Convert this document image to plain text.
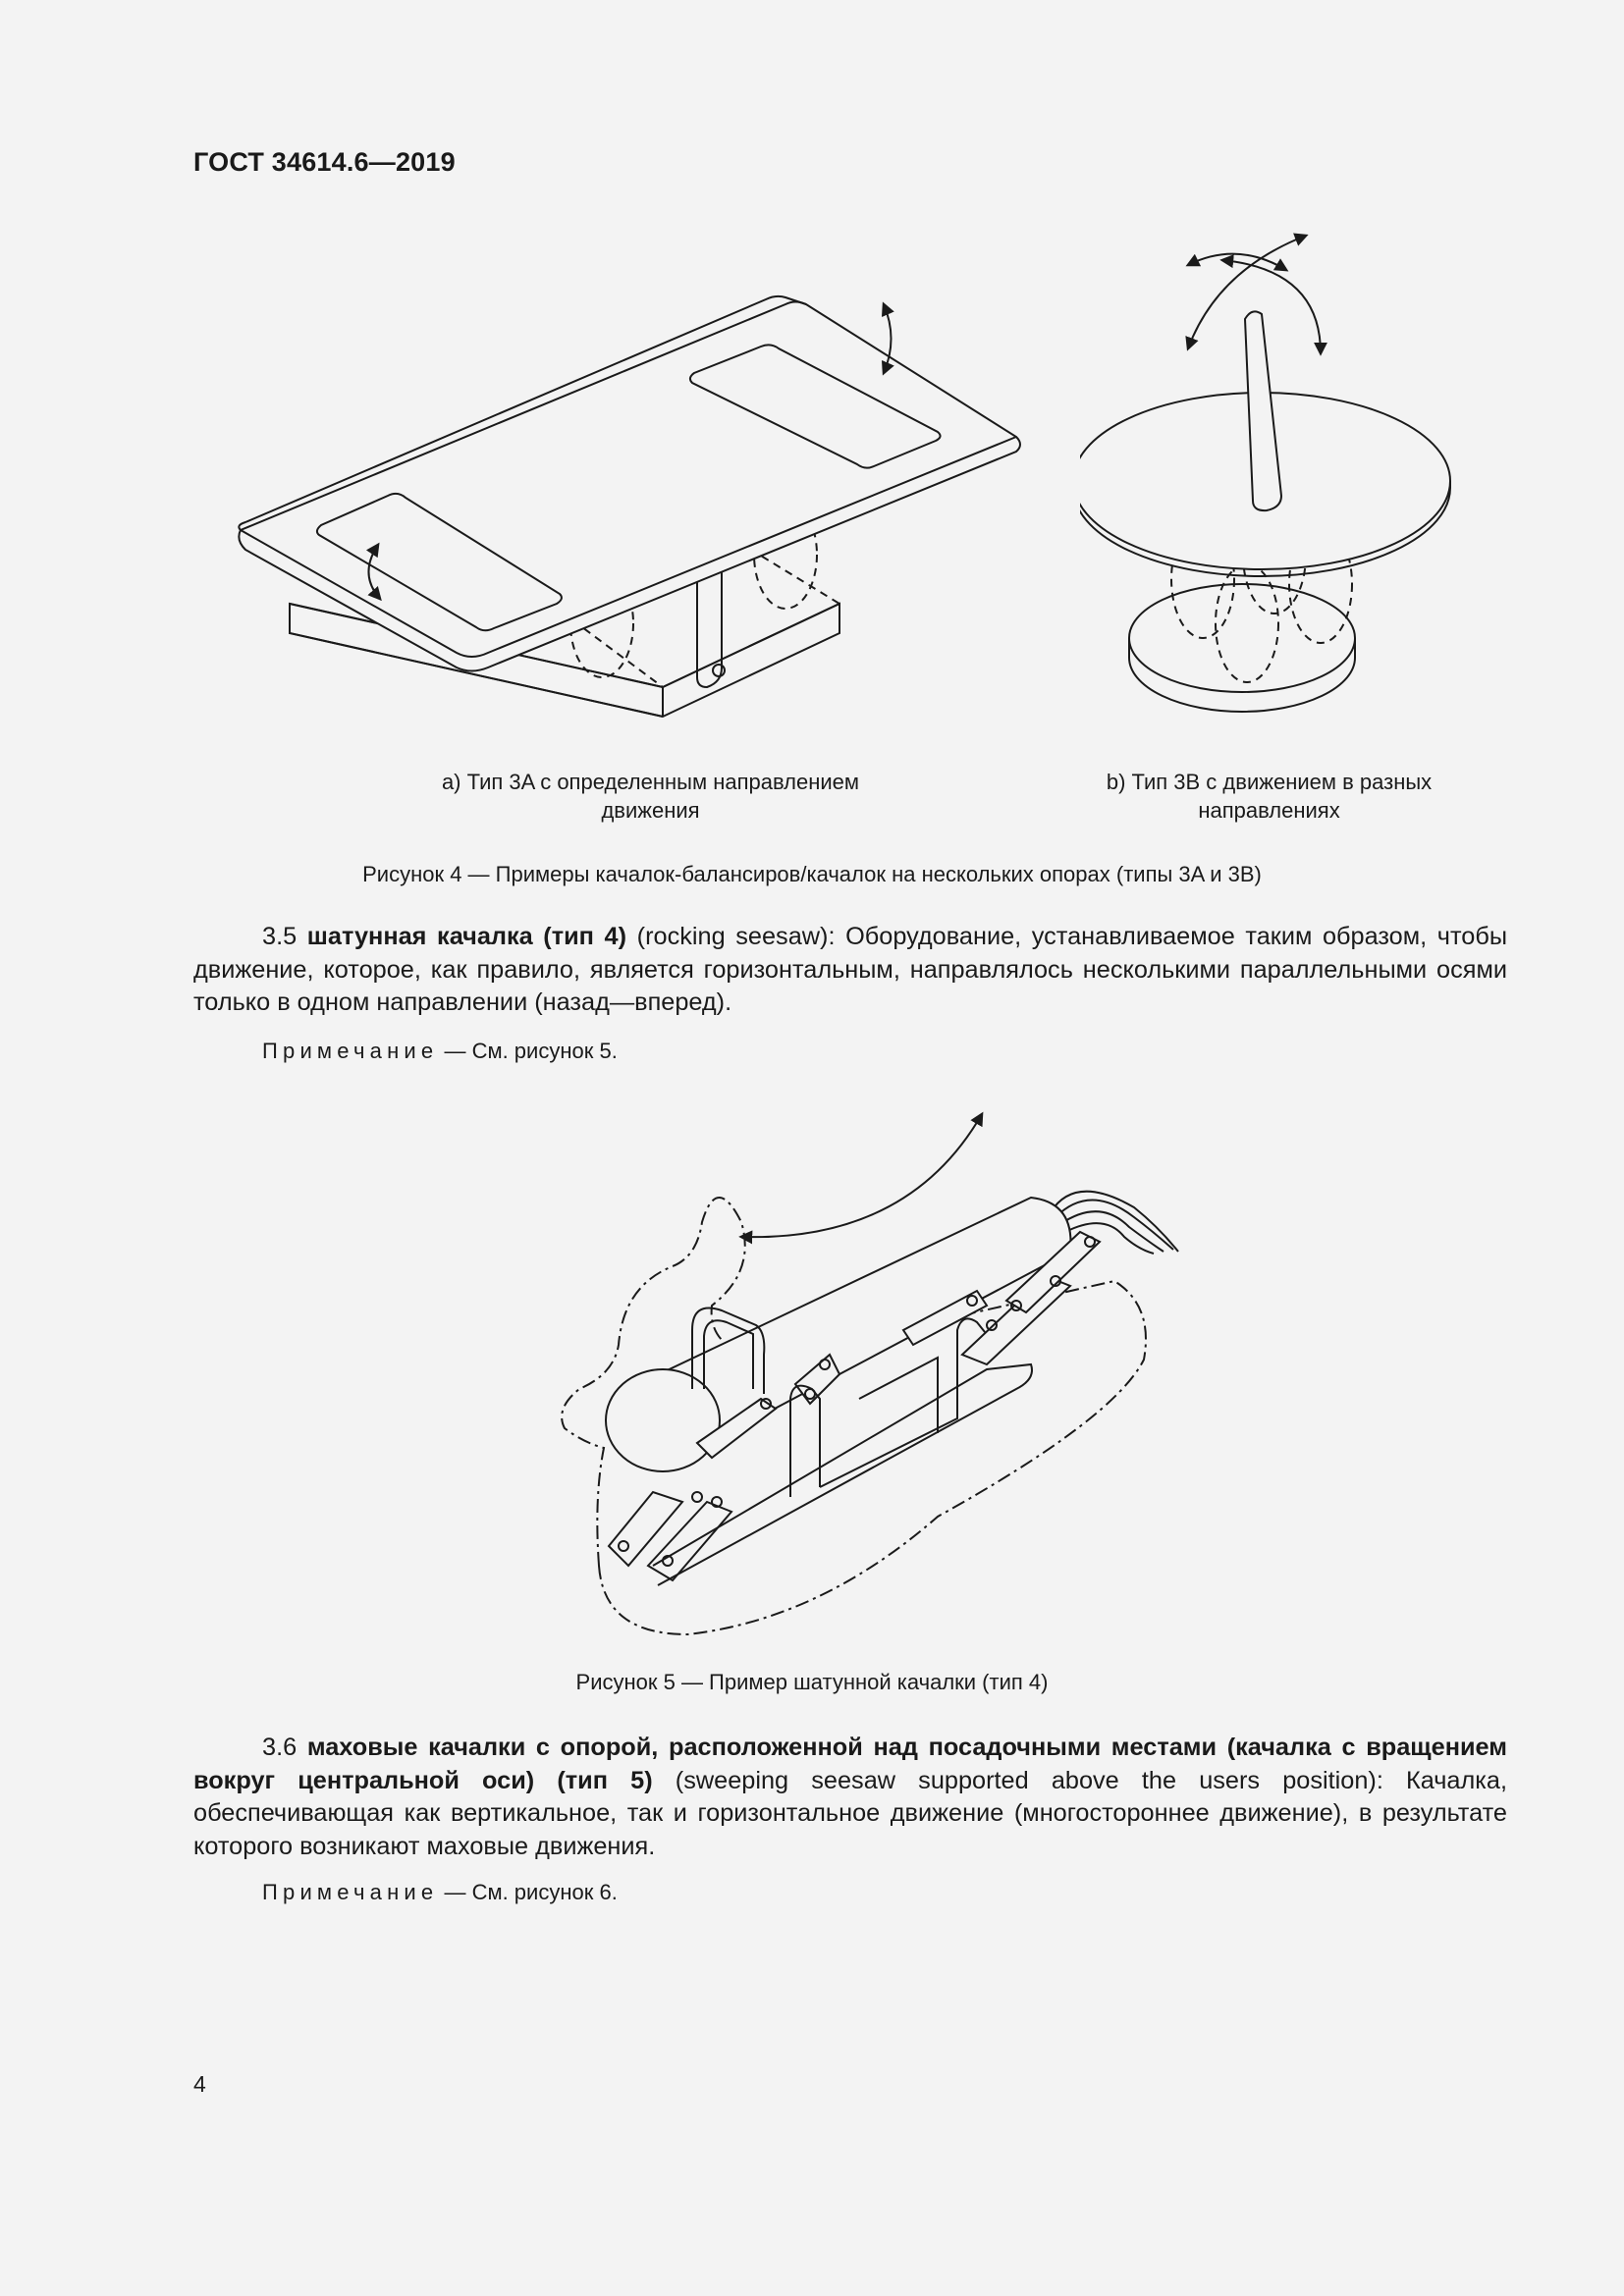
ГОСТ 34614.6—2019
a) Тип 3A с определенным направлением
движения
b) Тип 3B с движением в разных
направлениях
Рисунок 4 — Примеры качалок-балансиров/качалок на нескольких опорах (типы 3A и 3B)
3.5 шатунная качалка (тип 4) (rocking seesaw): Оборудование, устанавливаемое таким образом, чтобы движение, которое, как правило, является горизонтальным, направлялось несколькими параллельными осями только в одном направлении (назад—вперед).
Примечание — См. рисунок 5.
Рисунок 5 — Пример шатунной качалки (тип 4)
3.6 маховые качалки с опорой, расположенной над посадочными местами (качалка с вращением вокруг центральной оси) (тип 5) (sweeping seesaw supported above the users position): Качалка, обеспечивающая как вертикальное, так и горизонтальное движение (многостороннее движение), в результате которого возникают маховые движения.
Примечание — См. рисунок 6.
4
